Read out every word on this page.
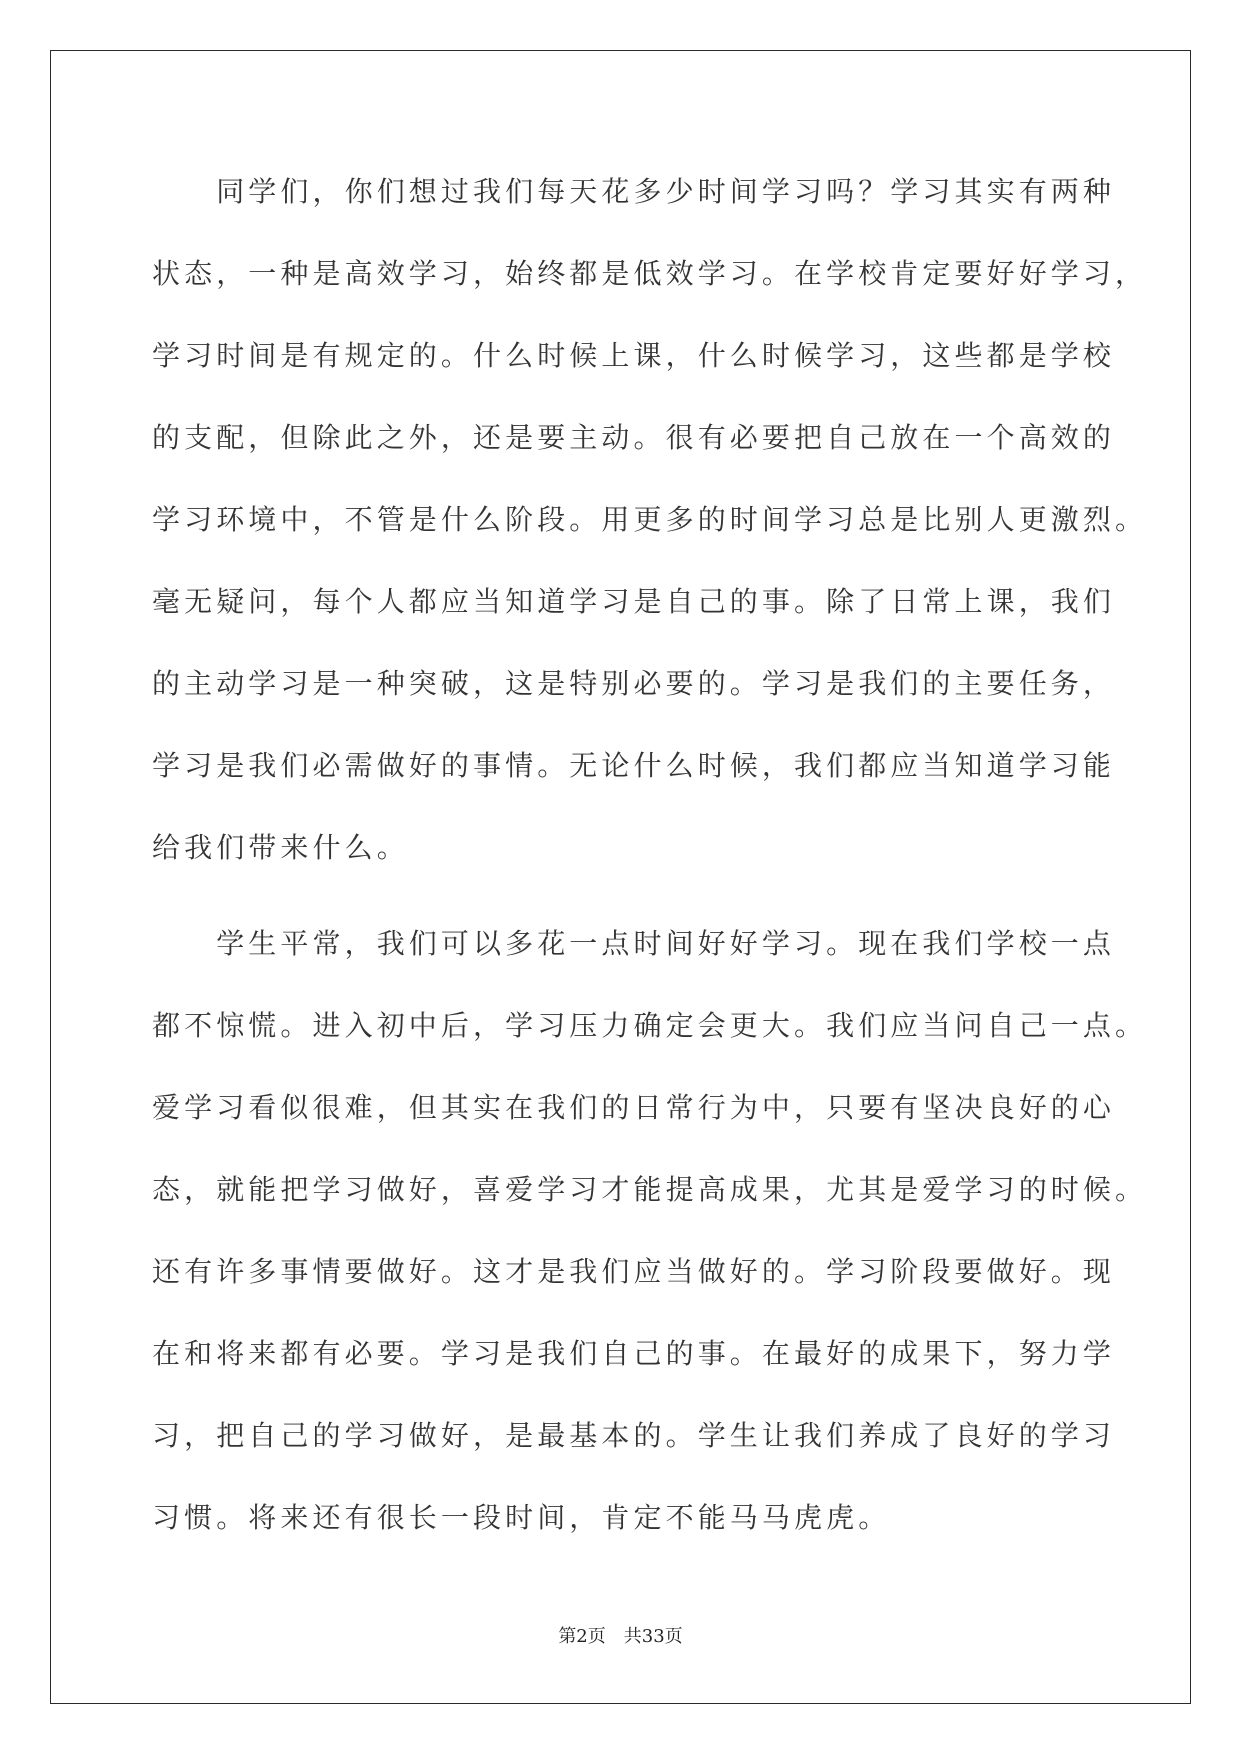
　　同学们，你们想过我们每天花多少时间学习吗？学习其实有两种
状态，一种是高效学习，始终都是低效学习。在学校肯定要好好学习，
学习时间是有规定的。什么时候上课，什么时候学习，这些都是学校
的支配，但除此之外，还是要主动。很有必要把自己放在一个高效的
学习环境中，不管是什么阶段。用更多的时间学习总是比别人更激烈。
毫无疑问，每个人都应当知道学习是自己的事。除了日常上课，我们
的主动学习是一种突破，这是特别必要的。学习是我们的主要任务，
学习是我们必需做好的事情。无论什么时候，我们都应当知道学习能
给我们带来什么。
　　学生平常，我们可以多花一点时间好好学习。现在我们学校一点
都不惊慌。进入初中后，学习压力确定会更大。我们应当问自己一点。
爱学习看似很难，但其实在我们的日常行为中，只要有坚决良好的心
态，就能把学习做好，喜爱学习才能提高成果，尤其是爱学习的时候。
还有许多事情要做好。这才是我们应当做好的。学习阶段要做好。现
在和将来都有必要。学习是我们自己的事。在最好的成果下，努力学
习，把自己的学习做好，是最基本的。学生让我们养成了良好的学习
习惯。将来还有很长一段时间，肯定不能马马虎虎。
第2页　共33页
